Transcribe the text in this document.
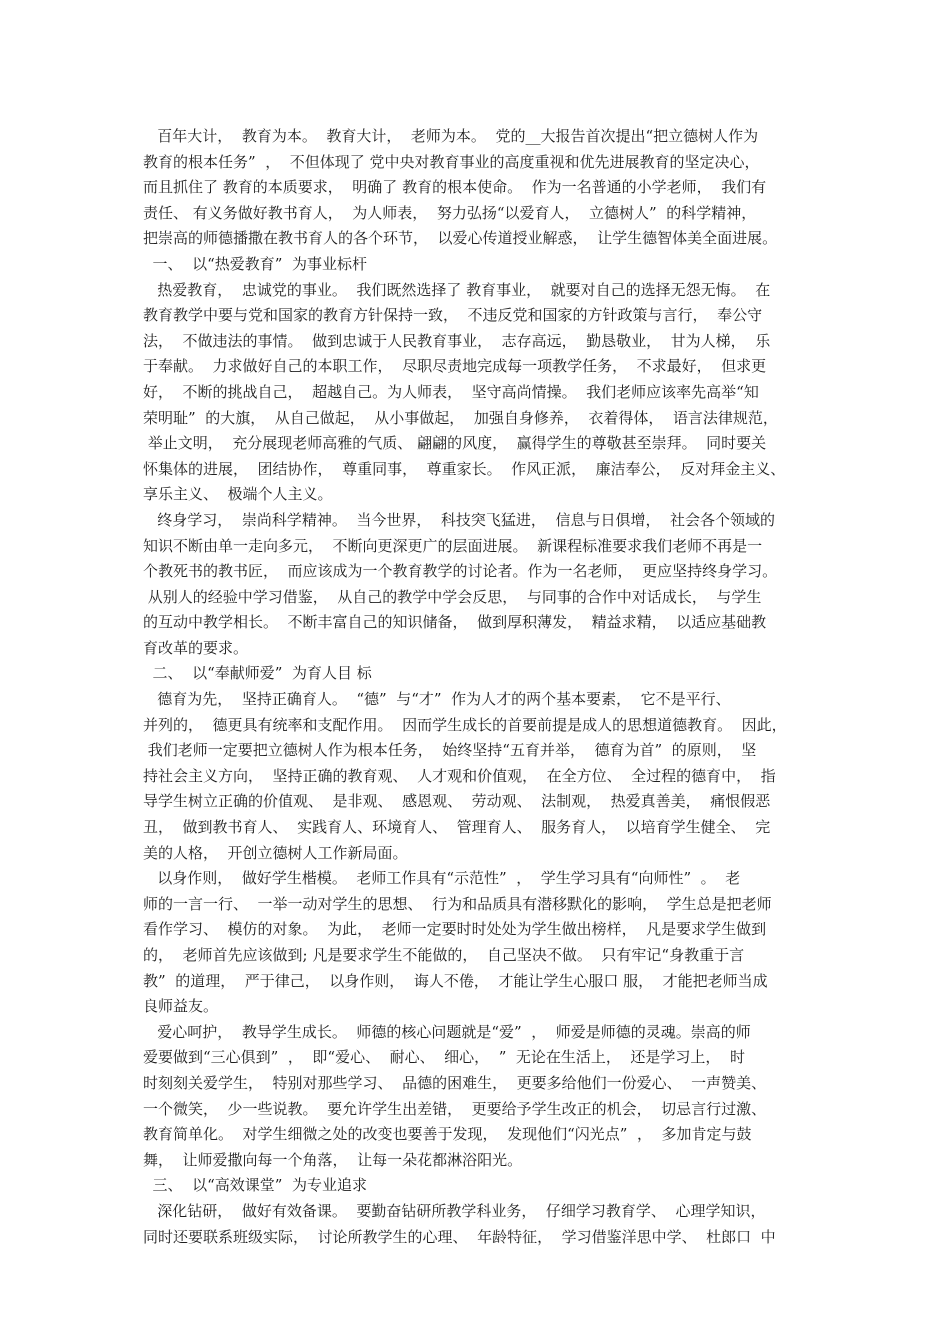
百年大计，  教育为本。  教育大计，  老师为本。  党的__大报告首次提出“把立德树人作为
教育的根本任务”  ，  不但体现了 党中央对教育事业的高度重视和优先进展教育的坚定决心，
而且抓住了 教育的本质要求，  明确了 教育的根本使命。  作为一名普通的小学老师，  我们有
责任、 有义务做好教书育人，  为人师表，  努力弘扬“以爱育人，  立德树人”  的科学精神，
把崇高的师德播撒在教书育人的各个环节，  以爱心传道授业解惑，  让学生德智体美全面进展。
一、  以“热爱教育”  为事业标杆
热爱教育，  忠诚党的事业。  我们既然选择了 教育事业，  就要对自己的选择无怨无悔。  在
教育教学中要与党和国家的教育方针保持一致，  不违反党和国家的方针政策与言行，  奉公守
法，  不做违法的事情。  做到忠诚于人民教育事业，  志存高远，  勤恳敬业，  甘为人梯，  乐
于奉献。  力求做好自己的本职工作，  尽职尽责地完成每一项教学任务，  不求最好，  但求更
好，  不断的挑战自己，  超越自己。为人师表，  坚守高尚情操。  我们老师应该率先高举“知
荣明耻”  的大旗，  从自己做起，  从小事做起，  加强自身修养，  衣着得体，  语言法律规范，
举止文明，  充分展现老师高雅的气质、 翩翩的风度，  赢得学生的尊敬甚至崇拜。  同时要关
怀集体的进展，  团结协作，  尊重同事，  尊重家长。  作风正派，  廉洁奉公，  反对拜金主义、
享乐主义、  极端个人主义。
终身学习，  崇尚科学精神。  当今世界，  科技突飞猛进，  信息与日俱增，  社会各个领域的
知识不断由单一走向多元，  不断向更深更广的层面进展。  新课程标准要求我们老师不再是一
个教死书的教书匠，  而应该成为一个教育教学的讨论者。作为一名老师，  更应坚持终身学习。
从别人的经验中学习借鉴，  从自己的教学中学会反思，  与同事的合作中对话成长，  与学生
的互动中教学相长。  不断丰富自己的知识储备，  做到厚积薄发，  精益求精，  以适应基础教
育改革的要求。
二、  以“奉献师爱”  为育人目 标
德育为先，  坚持正确育人。  “德”  与“才”  作为人才的两个基本要素，  它不是平行、
并列的，  德更具有统率和支配作用。  因而学生成长的首要前提是成人的思想道德教育。  因此，
我们老师一定要把立德树人作为根本任务，  始终坚持“五育并举，  德育为首”  的原则，  坚
持社会主义方向，  坚持正确的教育观、  人才观和价值观，  在全方位、  全过程的德育中，  指
导学生树立正确的价值观、  是非观、  感恩观、  劳动观、  法制观，  热爱真善美，  痛恨假恶
丑，  做到教书育人、  实践育人、环境育人、  管理育人、  服务育人，  以培育学生健全、  完
美的人格，  开创立德树人工作新局面。
以身作则，  做好学生楷模。  老师工作具有“示范性”  ，  学生学习具有“向师性”  。  老
师的一言一行、  一举一动对学生的思想、  行为和品质具有潜移默化的影响，  学生总是把老师
看作学习、  模仿的对象。  为此，  老师一定要时时处处为学生做出榜样，  凡是要求学生做到
的，  老师首先应该做到; 凡是要求学生不能做的，  自己坚决不做。  只有牢记“身教重于言
教”  的道理，  严于律己，  以身作则，  诲人不倦，  才能让学生心服口 服，  才能把老师当成
良师益友。
爱心呵护，  教导学生成长。  师德的核心问题就是“爱”  ，  师爱是师德的灵魂。崇高的师
爱要做到“三心俱到”  ，  即“爱心、  耐心、  细心，  ”  无论在生活上，  还是学习上，  时
时刻刻关爱学生，  特别对那些学习、  品德的困难生，  更要多给他们一份爱心、  一声赞美、
一个微笑，  少一些说教。  要允许学生出差错，  更要给予学生改正的机会，  切忌言行过激、
教育简单化。  对学生细微之处的改变也要善于发现，  发现他们“闪光点”  ，  多加肯定与鼓
舞，  让师爱撒向每一个角落，  让每一朵花都淋浴阳光。
三、  以“高效课堂”  为专业追求
深化钻研，  做好有效备课。  要勤奋钻研所教学科业务，  仔细学习教育学、  心理学知识，
同时还要联系班级实际，  讨论所教学生的心理、  年龄特征，  学习借鉴洋思中学、  杜郎口  中
